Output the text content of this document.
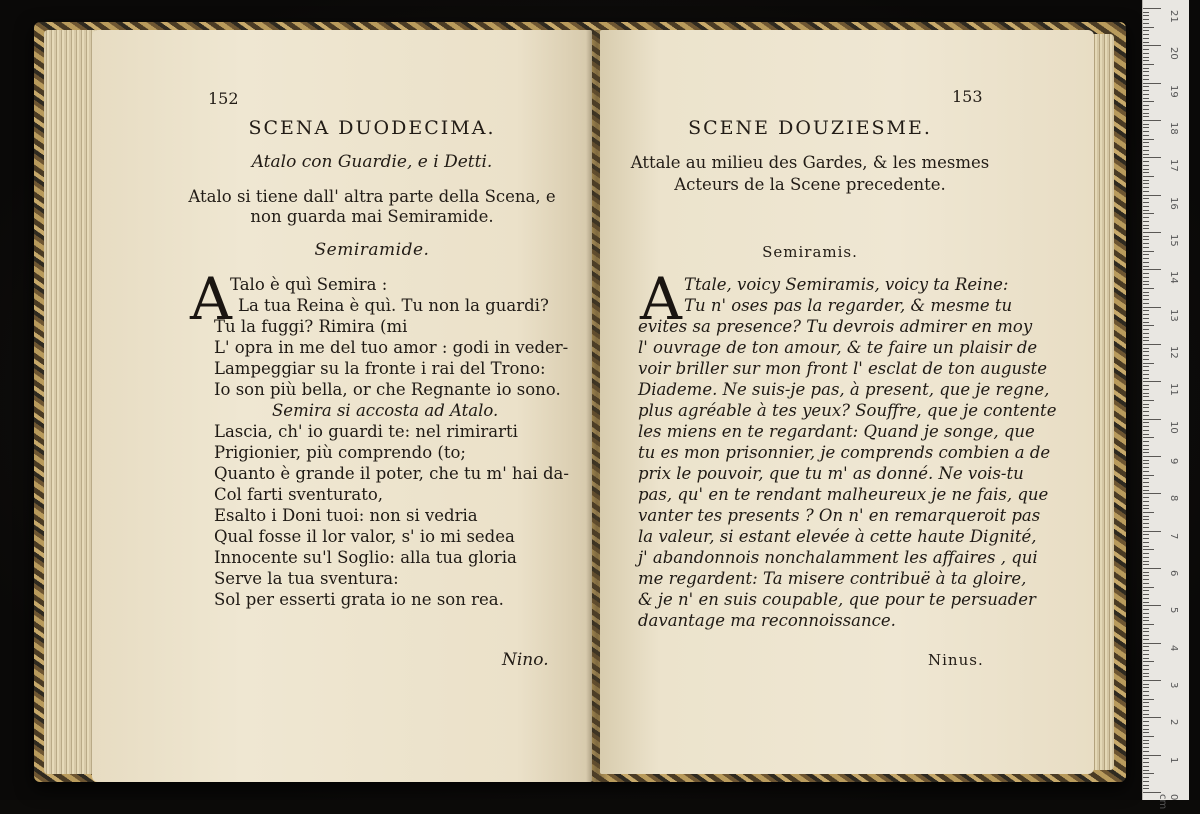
152
SCENA DUODECIMA.
Atalo con Guardie, e i Detti.
Atalo si tiene dall' altra parte della Scena, e
non guarda mai Semiramide.
Semiramide.
A
Talo è quì Semira :
La tua Reina è quì. Tu non la guardi?
Tu la fuggi? Rimira (mi
L' opra in me del tuo amor : godi in veder-
Lampeggiar su la fronte i rai del Trono:
Io son più bella, or che Regnante io sono.
Semira si accosta ad Atalo.
Lascia, ch' io guardi te: nel rimirarti
Prigionier, più comprendo (to;
Quanto è grande il poter, che tu m' hai da-
Col farti sventurato,
Esalto i Doni tuoi: non si vedria
Qual fosse il lor valor, s' io mi sedea
Innocente su'l Soglio: alla tua gloria
Serve la tua sventura:
Sol per esserti grata io ne son rea.
Nino.
153
SCENE DOUZIESME.
Attale au milieu des Gardes, & les mesmes
Acteurs de la Scene precedente.
Semiramis.
A Ttale, voicy Semiramis, voicy ta Reine:
Tu n' oses pas la regarder, & mesme tu
evites sa presence? Tu devrois admirer en moy
l' ouvrage de ton amour, & te faire un plaisir de
voir briller sur mon front l' esclat de ton auguste
Diademe. Ne suis-je pas, à present, que je regne,
plus agréable à tes yeux? Souffre, que je contente
les miens en te regardant: Quand je songe, que
tu es mon prisonnier, je comprends combien a de
prix le pouvoir, que tu m' as donné. Ne vois-tu
pas, qu' en te rendant malheureux je ne fais, que
vanter tes presents ? On n' en remarqueroit pas
la valeur, si estant elevée à cette haute Dignité,
j' abandonnois nonchalamment les affaires , qui
me regardent: Ta misere contribuë à ta gloire,
& je n' en suis coupable, que pour te persuader
davantage ma reconnoissance.
Ninus.
21
20
19
18
17
16
15
14
13
12
11
10
9
8
7
6
5
4
3
2
1
0 cm
